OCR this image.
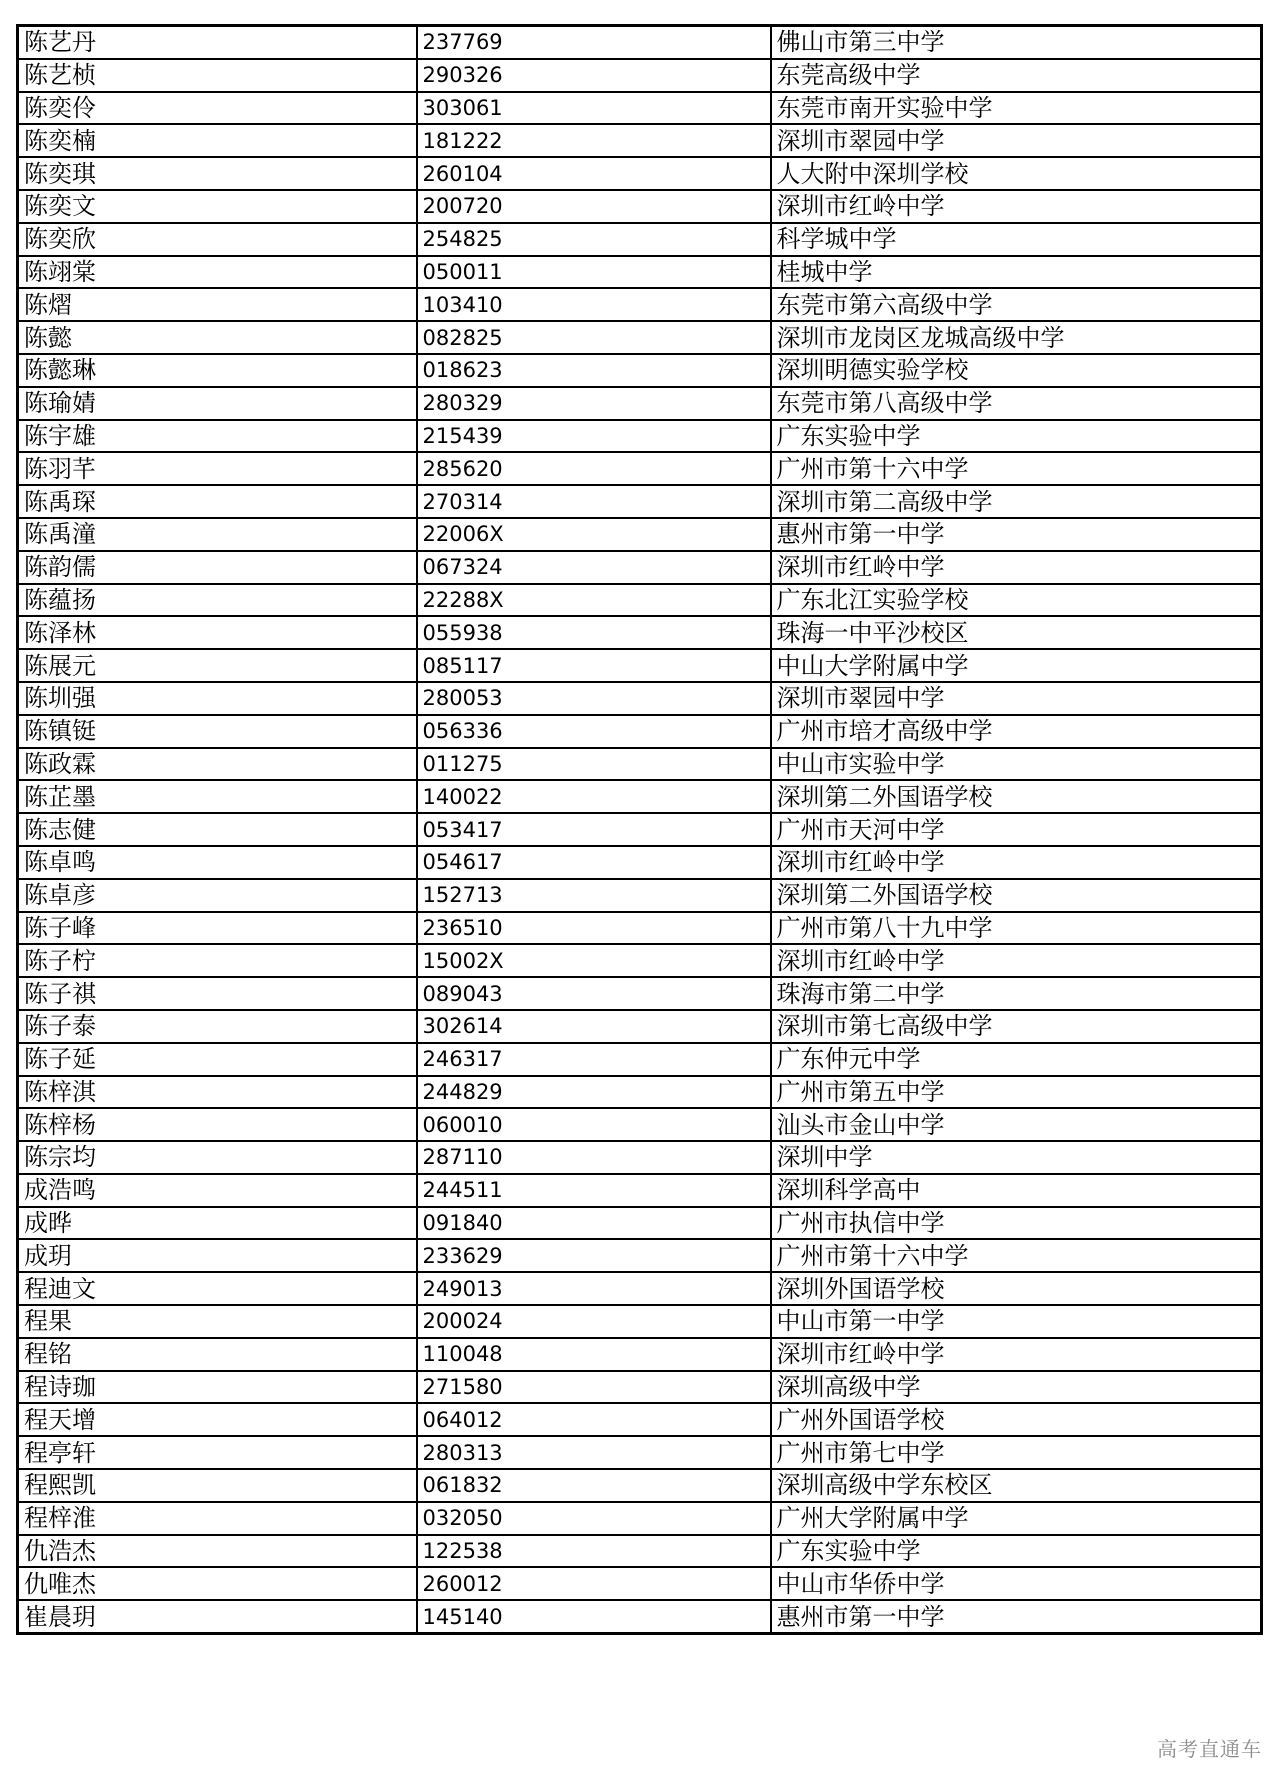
陈艺丹	237769	佛山市第三中学
陈艺桢	290326	东莞高级中学
陈奕伶	303061	东莞市南开实验中学
陈奕楠	181222	深圳市翠园中学
陈奕琪	260104	人大附中深圳学校
陈奕文	200720	深圳市红岭中学
陈奕欣	254825	科学城中学
陈翊棠	050011	桂城中学
陈熠	103410	东莞市第六高级中学
陈懿	082825	深圳市龙岗区龙城高级中学
陈懿琳	018623	深圳明德实验学校
陈瑜婧	280329	东莞市第八高级中学
陈宇雄	215439	广东实验中学
陈羽芊	285620	广州市第十六中学
陈禹琛	270314	深圳市第二高级中学
陈禹潼	22006X	惠州市第一中学
陈韵儒	067324	深圳市红岭中学
陈蕴扬	22288X	广东北江实验学校
陈泽林	055938	珠海一中平沙校区
陈展元	085117	中山大学附属中学
陈圳强	280053	深圳市翠园中学
陈镇铤	056336	广州市培才高级中学
陈政霖	011275	中山市实验中学
陈芷墨	140022	深圳第二外国语学校
陈志健	053417	广州市天河中学
陈卓鸣	054617	深圳市红岭中学
陈卓彦	152713	深圳第二外国语学校
陈子峰	236510	广州市第八十九中学
陈子柠	15002X	深圳市红岭中学
陈子祺	089043	珠海市第二中学
陈子泰	302614	深圳市第七高级中学
陈子延	246317	广东仲元中学
陈梓淇	244829	广州市第五中学
陈梓杨	060010	汕头市金山中学
陈宗均	287110	深圳中学
成浩鸣	244511	深圳科学高中
成晔	091840	广州市执信中学
成玥	233629	广州市第十六中学
程迪文	249013	深圳外国语学校
程果	200024	中山市第一中学
程铭	110048	深圳市红岭中学
程诗珈	271580	深圳高级中学
程天增	064012	广州外国语学校
程亭轩	280313	广州市第七中学
程熙凯	061832	深圳高级中学东校区
程梓淮	032050	广州大学附属中学
仇浩杰	122538	广东实验中学
仇唯杰	260012	中山市华侨中学
崔晨玥	145140	惠州市第一中学
高考直通车
